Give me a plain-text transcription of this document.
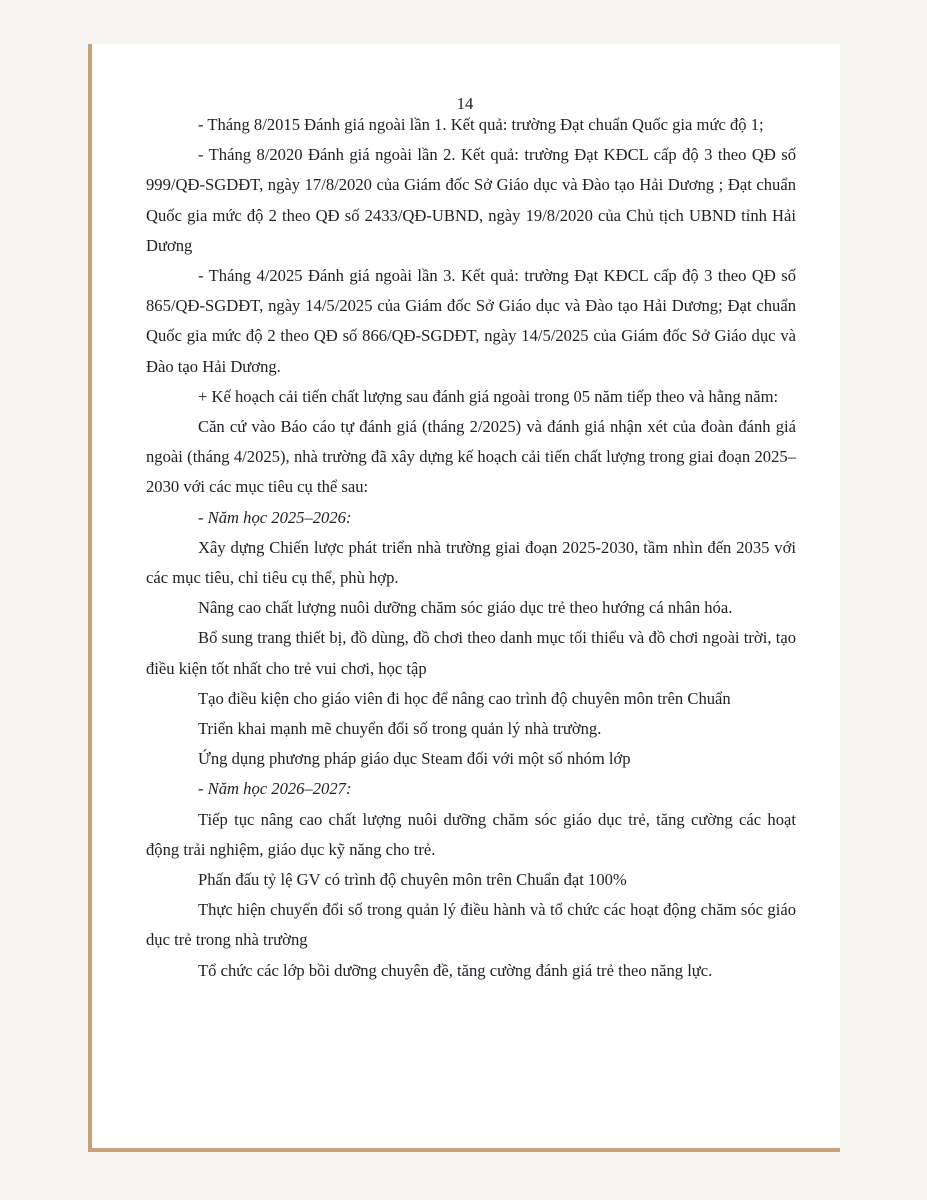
14

- Tháng 8/2015 Đánh giá ngoài lần 1. Kết quả: trường Đạt chuẩn Quốc gia mức độ 1;

- Tháng 8/2020 Đánh giá ngoài lần 2. Kết quả: trường Đạt KĐCL cấp độ 3 theo QĐ số 999/QĐ-SGDĐT, ngày 17/8/2020 của Giám đốc Sở Giáo dục và Đào tạo Hải Dương ; Đạt chuẩn Quốc gia mức độ 2 theo QĐ số 2433/QĐ-UBND, ngày 19/8/2020 của Chủ tịch UBND tỉnh Hải Dương

- Tháng 4/2025 Đánh giá ngoài lần 3. Kết quả: trường Đạt KĐCL cấp độ 3 theo QĐ số 865/QĐ-SGDĐT, ngày 14/5/2025 của Giám đốc Sở Giáo dục và Đào tạo Hải Dương; Đạt chuẩn Quốc gia mức độ 2 theo QĐ số 866/QĐ-SGDĐT, ngày 14/5/2025 của Giám đốc Sở Giáo dục và Đào tạo Hải Dương.

+ Kế hoạch cải tiến chất lượng sau đánh giá ngoài trong 05 năm tiếp theo và hằng năm:

Căn cứ vào Báo cáo tự đánh giá (tháng 2/2025) và đánh giá nhận xét của đoàn đánh giá ngoài (tháng 4/2025), nhà trường đã xây dựng kế hoạch cải tiến chất lượng trong giai đoạn 2025–2030 với các mục tiêu cụ thể sau:

- Năm học 2025–2026:

Xây dựng Chiến lược phát triển nhà trường giai đoạn 2025-2030, tầm nhìn đến 2035 với các mục tiêu, chỉ tiêu cụ thể, phù hợp.

Nâng cao chất lượng nuôi dưỡng chăm sóc giáo dục trẻ theo hướng cá nhân hóa.

Bổ sung trang thiết bị, đồ dùng, đồ chơi theo danh mục tối thiểu và đồ chơi ngoài trời, tạo điều kiện tốt nhất cho trẻ vui chơi, học tập

Tạo điều kiện cho giáo viên đi học để nâng cao trình độ chuyên môn trên Chuẩn

Triển khai mạnh mẽ chuyển đổi số trong quản lý nhà trường.

Ứng dụng phương pháp giáo dục Steam đối với một số nhóm lớp

- Năm học 2026–2027:

Tiếp tục nâng cao chất lượng nuôi dưỡng chăm sóc giáo dục trẻ, tăng cường các hoạt động trải nghiệm, giáo dục kỹ năng cho trẻ.

Phấn đấu tỷ lệ GV có trình độ chuyên môn trên Chuẩn đạt 100%

Thực hiện chuyển đổi số trong quản lý điều hành và tổ chức các hoạt động chăm sóc giáo dục trẻ trong nhà trường

Tổ chức các lớp bồi dưỡng chuyên đề, tăng cường đánh giá trẻ theo năng lực.
